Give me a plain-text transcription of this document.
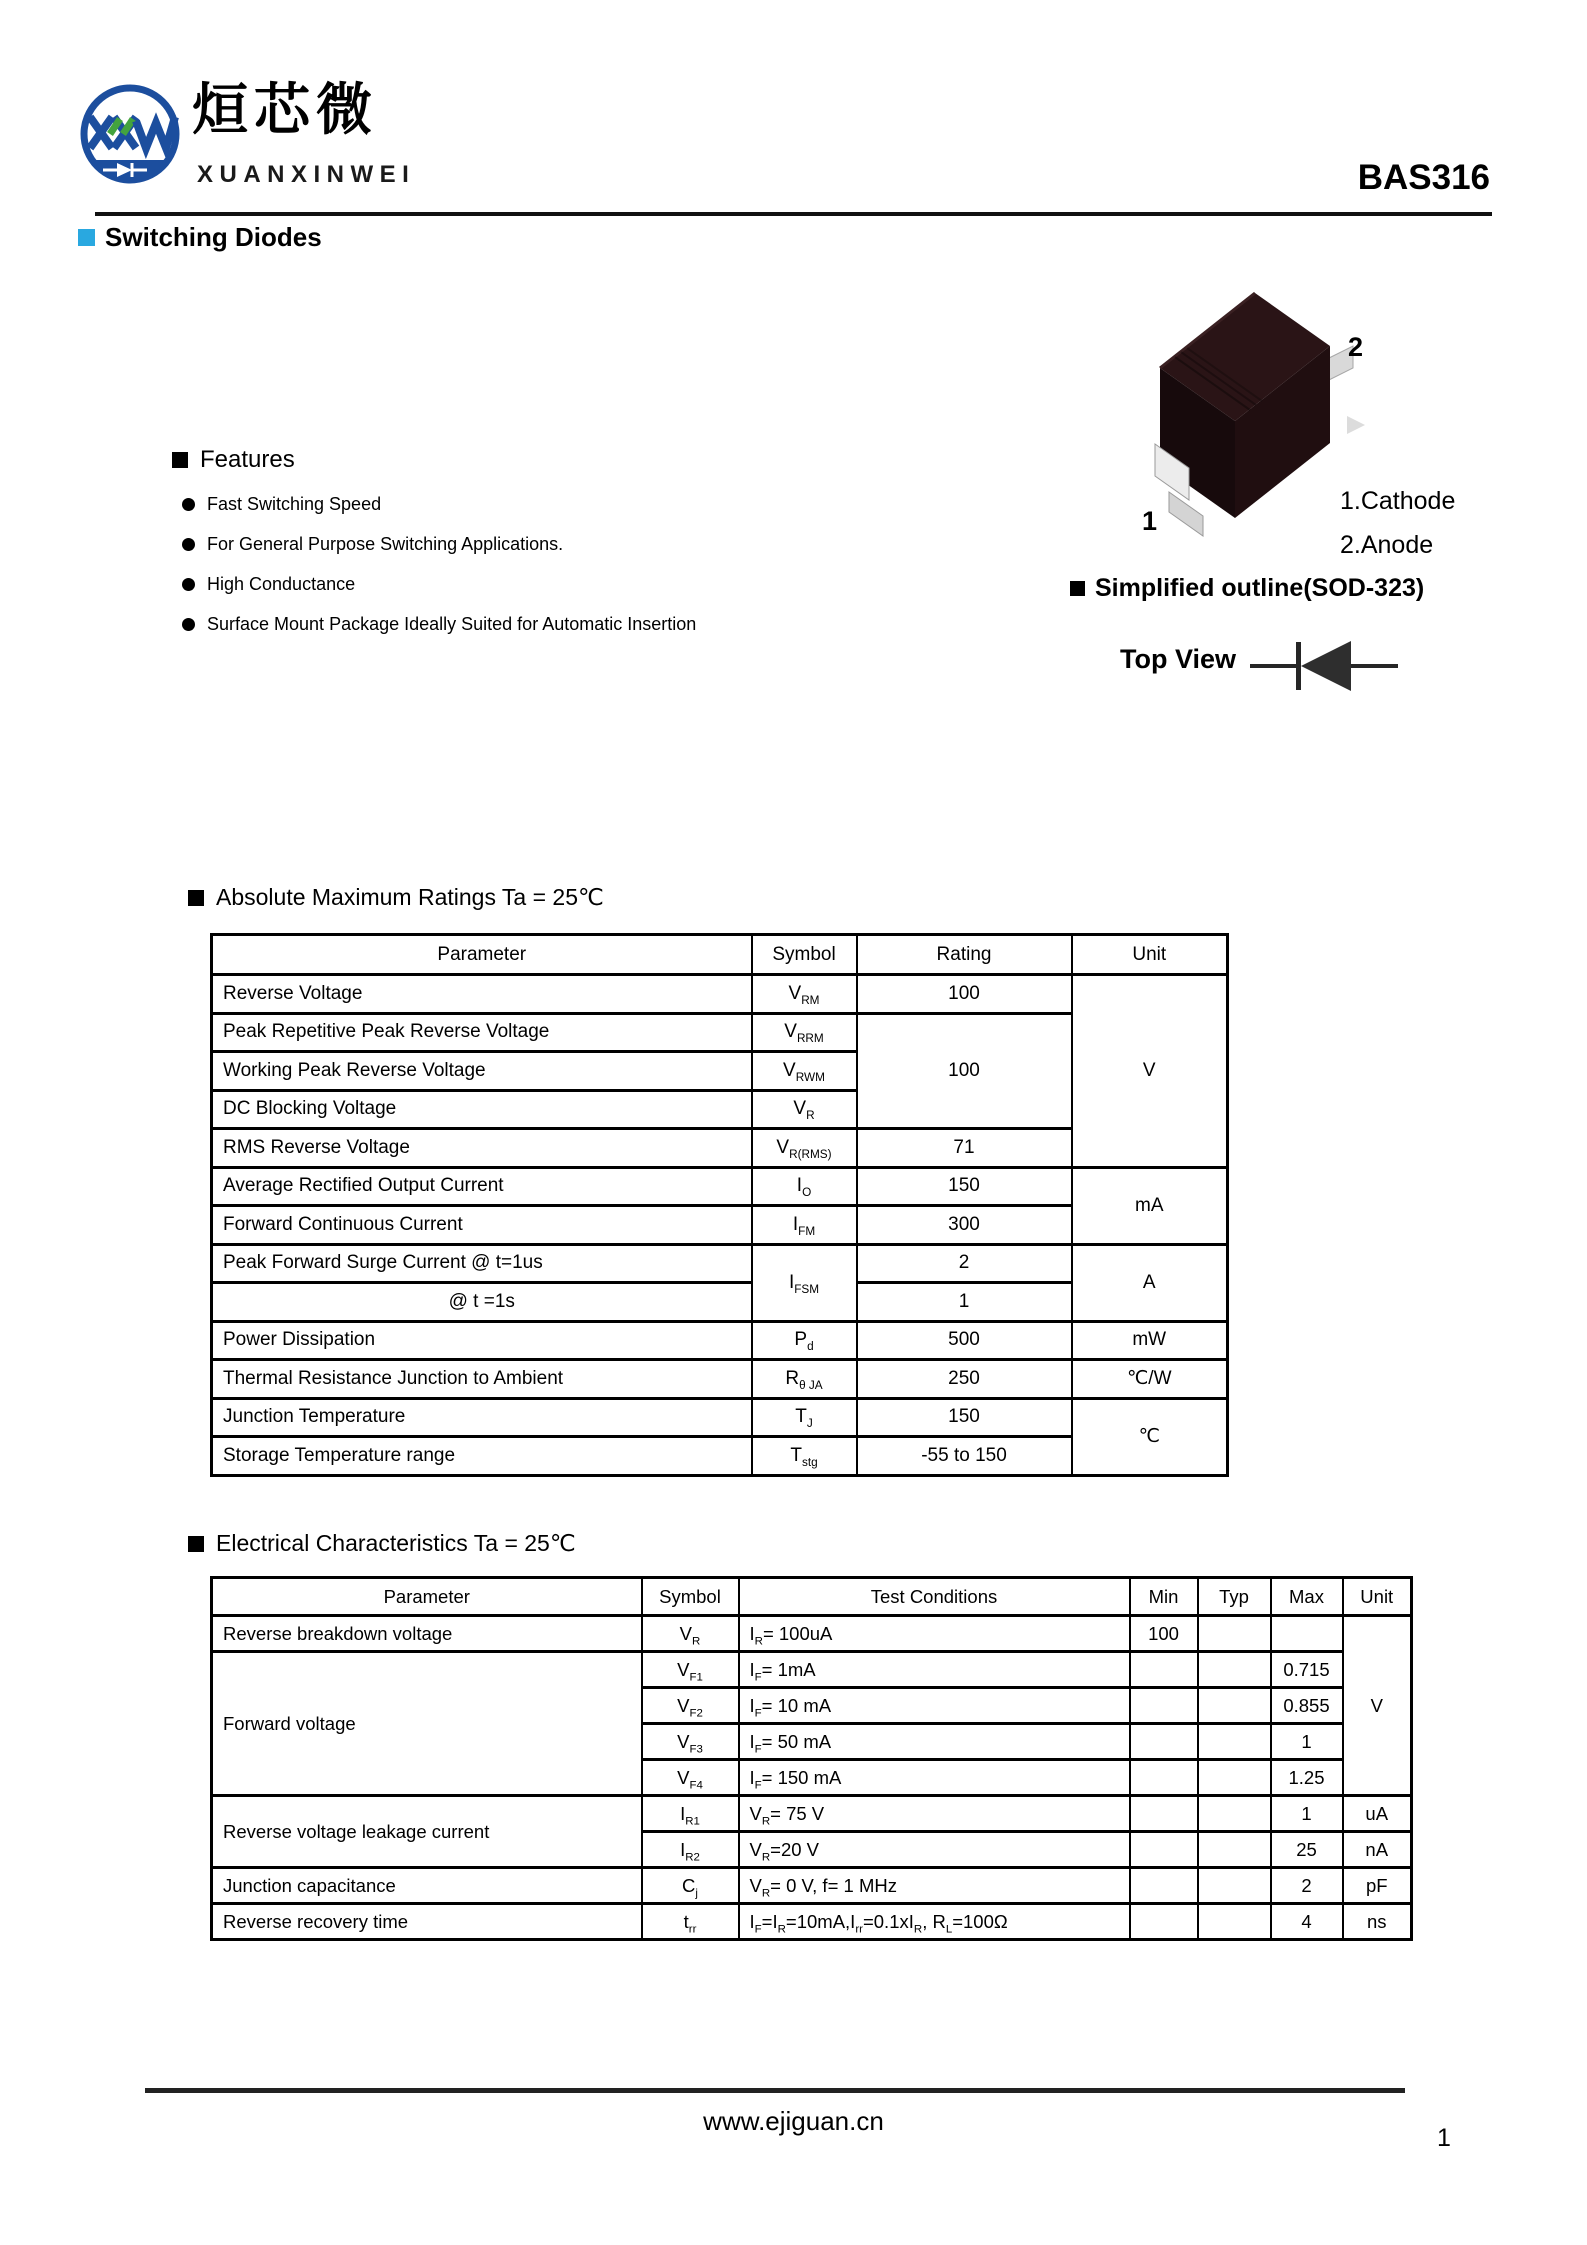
烜芯微
XUANXINWEI	BAS316
Switching Diodes
Features
Fast Switching Speed
For General Purpose Switching Applications.
High Conductance
Surface Mount Package Ideally Suited for Automatic Insertion
2
1
1.Cathode
2.Anode
Simplified outline(SOD-323)
Top View
Absolute Maximum Ratings Ta = 25℃
Parameter	Symbol	Rating	Unit
Reverse Voltage	$V_{RM}$	100	V
Peak Repetitive Peak Reverse Voltage	$V_{RRM}$	100	
Working Peak Reverse Voltage	$V_{RWM}$
DC Blocking Voltage	$V_R$
RMS Reverse Voltage	$V_{R(RMS)}$	71	
Average Rectified Output Current	$I_O$	150	mA
Forward Continuous Current	$I_{FM}$	300	
Peak Forward Surge Current @ t=1us	$I_{FSM}$	2	A
@ t =1s		1	
Power Dissipation	$P_d$	500	mW
Thermal Resistance Junction to Ambient	$R_{\theta JA}$	250	℃/W
Junction Temperature	$T_J$	150	℃
Storage Temperature range	$T_{stg}$	-55 to 150	
Electrical Characteristics Ta = 25℃
Parameter	Symbol	Test Conditions	Min	Typ	Max	Unit
Reverse breakdown voltage	$V_R$	$I_R= 100uA$	100			V
Forward voltage	$V_{F1}$	$I_F= 1mA$			0.715	
	$V_{F2}$	$I_F= 10$ mA			0.855	
	$V_{F3}$	$I_F= 50$ mA			1	
	$V_{F4}$	$I_F= 150$ mA			1.25	
Reverse voltage leakage current	$I_{R1}$	$V_R= 75$ V			1	uA
	$I_{R2}$	$V_R=20$ V			25	nA
Junction capacitance	$C_j$	$V_R= 0$ V, f= 1 MHz			2	pF
Reverse recovery time	$t_{rr}$	$I_F=I_R=10mA,I_{rr}=0.1xI_R$, $R_L=100\Omega$			4	ns
www.ejiguan.cn
1
